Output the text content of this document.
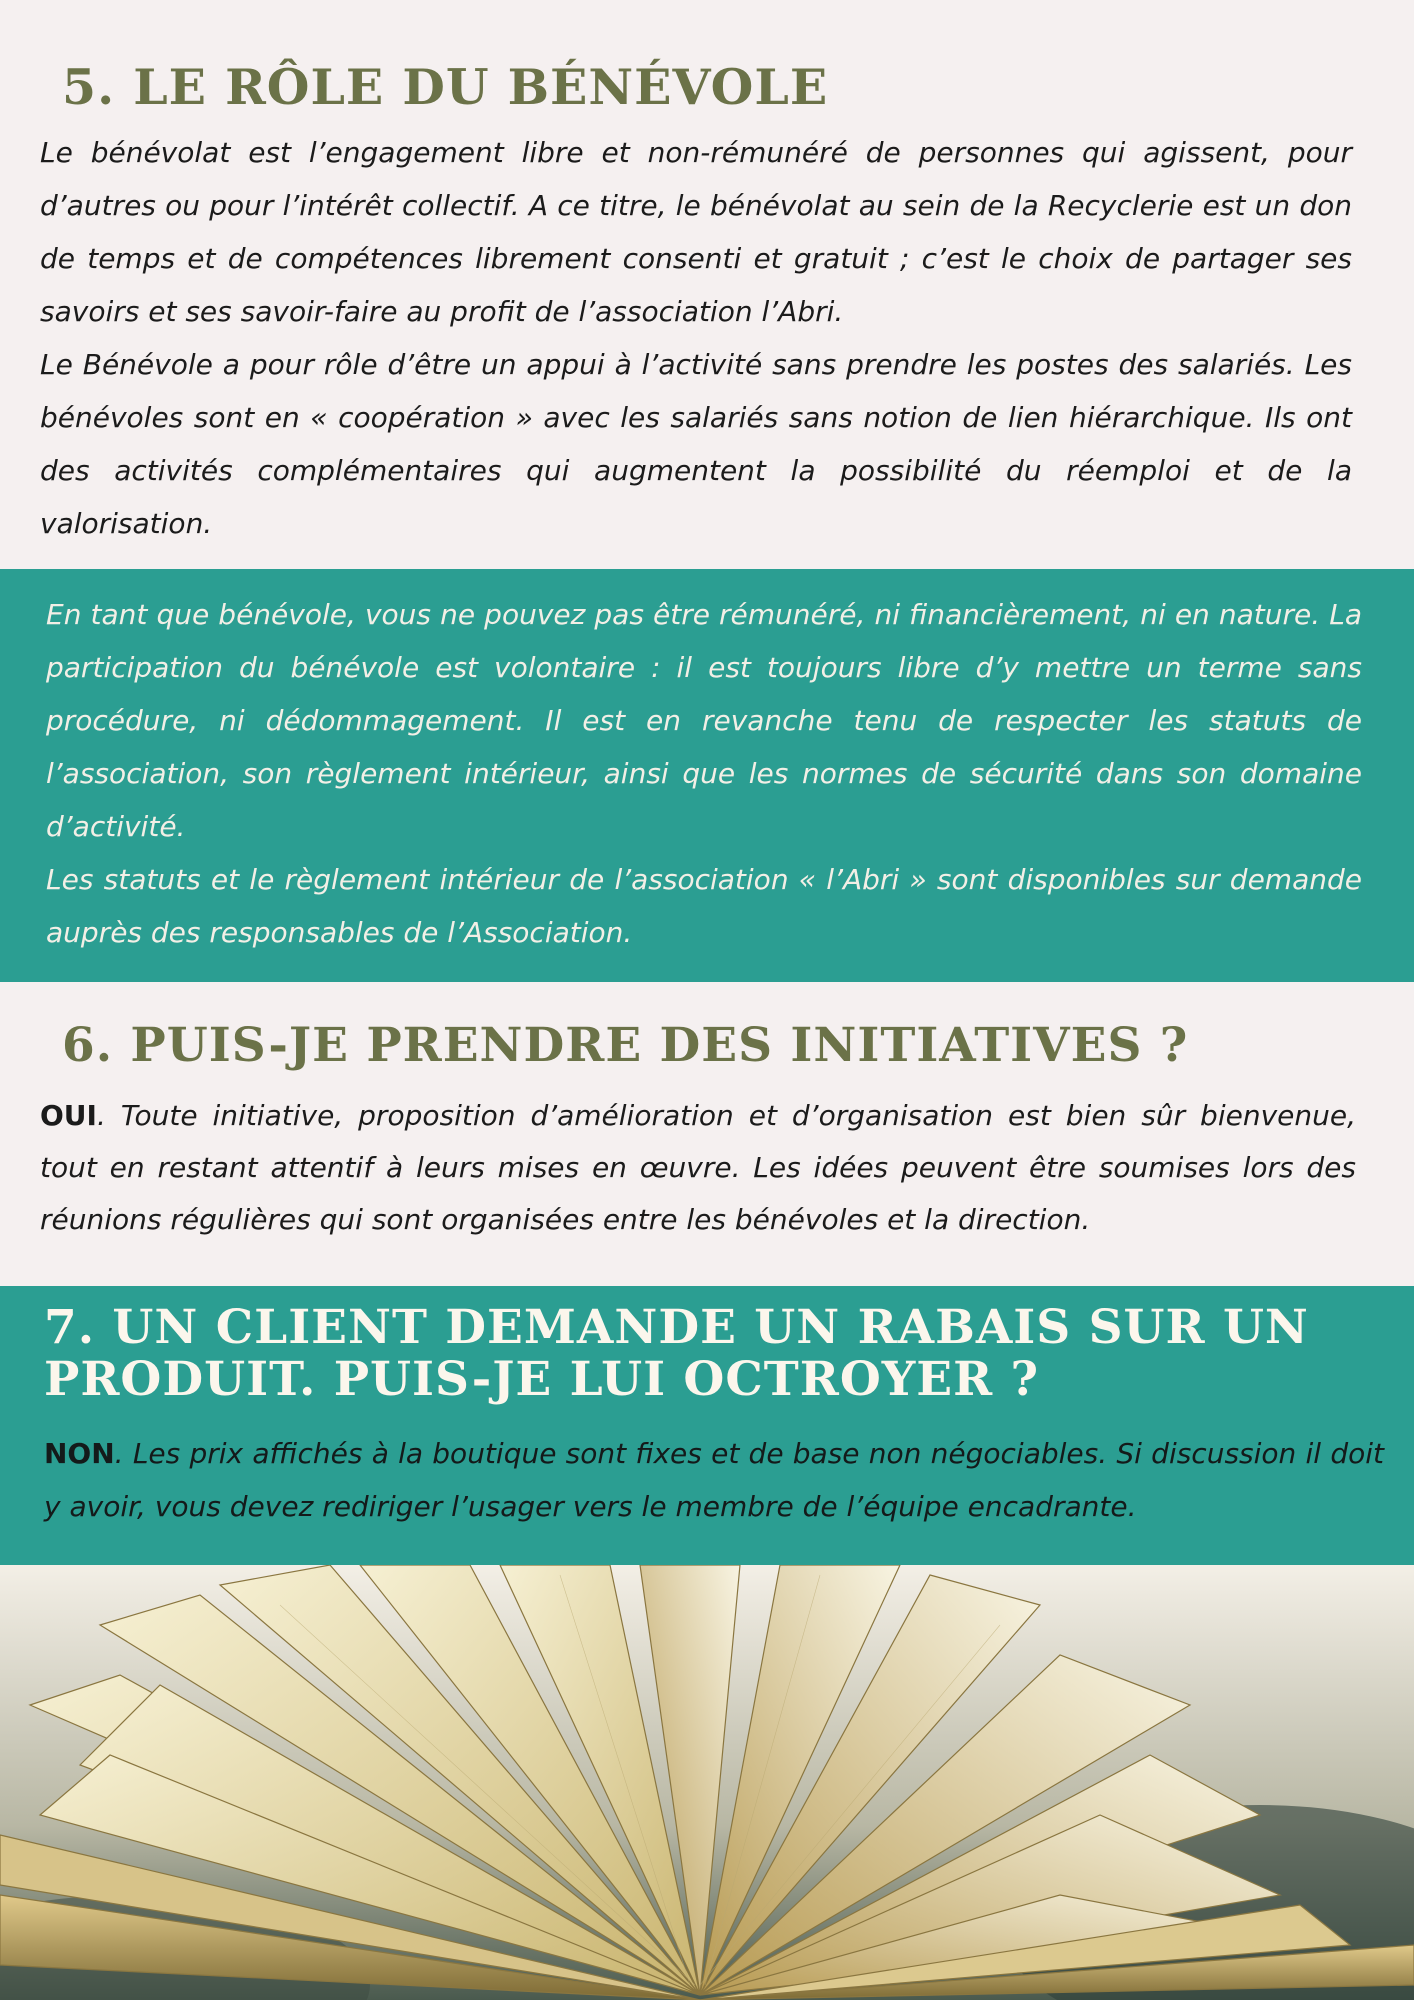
5. LE RÔLE DU BÉNÉVOLE

Le bénévolat est l’engagement libre et non-rémunéré de personnes qui agissent, pour d’autres ou pour l’intérêt collectif. A ce titre, le bénévolat au sein de la Recyclerie est un don de temps et de compétences librement consenti et gratuit ; c’est le choix de partager ses savoirs et ses savoir-faire au profit de l’association l’Abri.

Le Bénévole a pour rôle d’être un appui à l’activité sans prendre les postes des salariés. Les bénévoles sont en « coopération » avec les salariés sans notion de lien hiérarchique. Ils ont des activités complémentaires qui augmentent la possibilité du réemploi et de la valorisation.

En tant que bénévole, vous ne pouvez pas être rémunéré, ni financièrement, ni en nature. La participation du bénévole est volontaire : il est toujours libre d’y mettre un terme sans procédure, ni dédommagement. Il est en revanche tenu de respecter les statuts de l’association, son règlement intérieur, ainsi que les normes de sécurité dans son domaine d’activité.

Les statuts et le règlement intérieur de l’association « l’Abri » sont disponibles sur demande auprès des responsables de l’Association.

6. PUIS-JE PRENDRE DES INITIATIVES ?

OUI. Toute initiative, proposition d’amélioration et d’organisation est bien sûr bienvenue, tout en restant attentif à leurs mises en œuvre. Les idées peuvent être soumises lors des réunions régulières qui sont organisées entre les bénévoles et la direction.

7. UN CLIENT DEMANDE UN RABAIS SUR UN PRODUIT. PUIS-JE LUI OCTROYER ?

NON. Les prix affichés à la boutique sont fixes et de base non négociables. Si discussion il doit y avoir, vous devez rediriger l’usager vers le membre de l’équipe encadrante.
